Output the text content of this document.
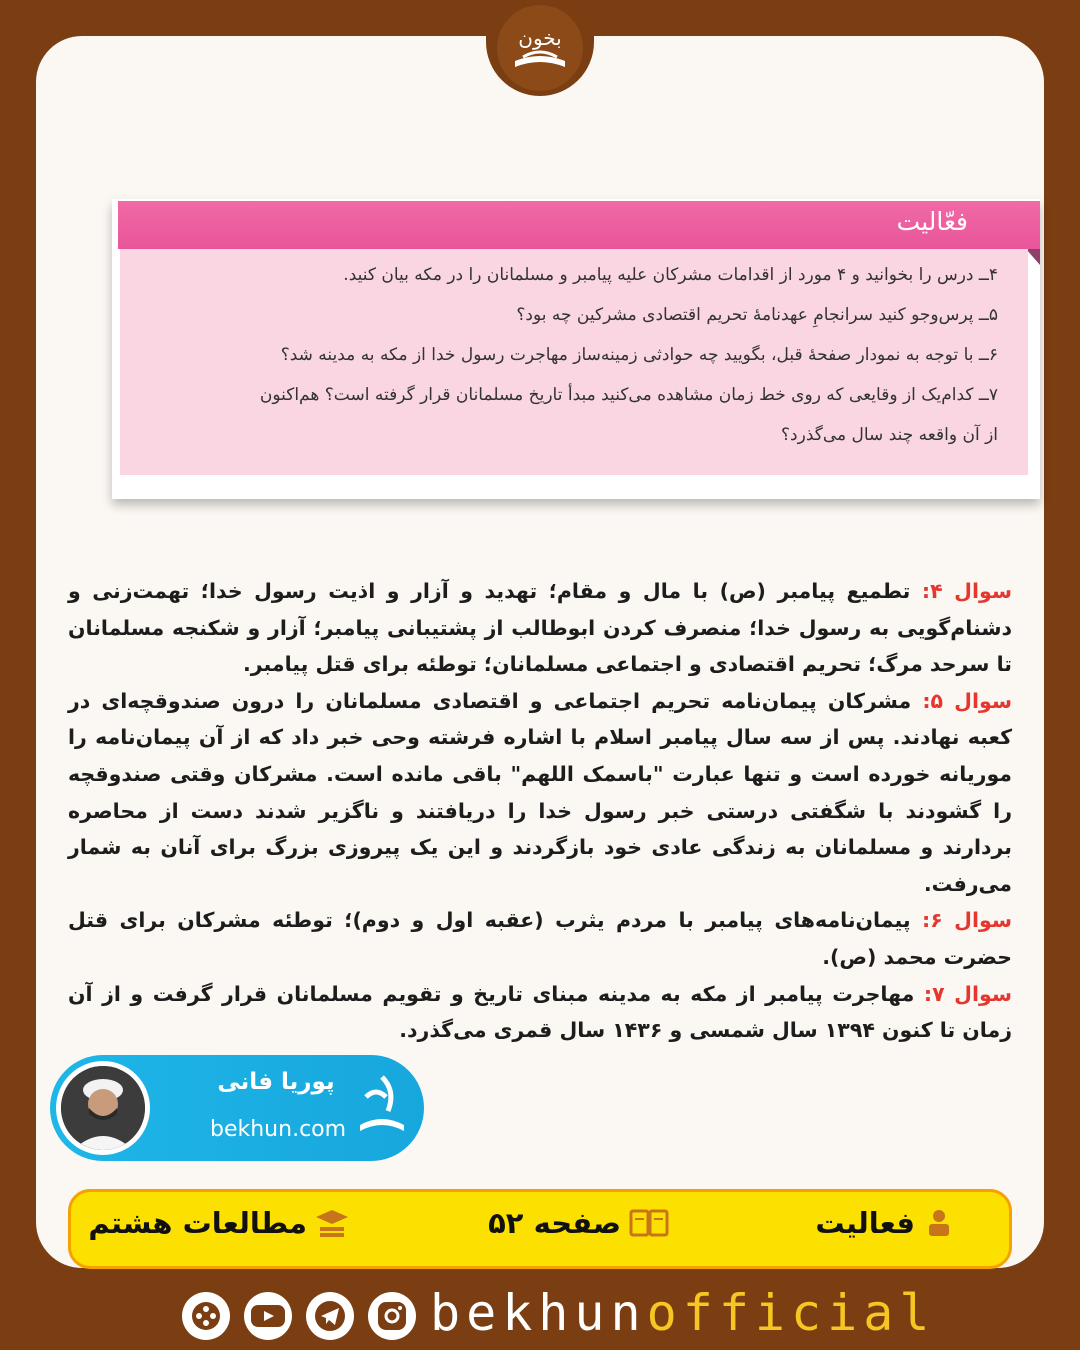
فعّالیت
۴ــ درس را بخوانید و ۴ مورد از اقدامات مشرکان علیه پیامبر و مسلمانان را در مکه بیان کنید.
۵ــ پرس‌وجو کنید سرانجامِ عهدنامهٔ تحریم اقتصادی مشرکین چه بود؟
۶ــ با توجه به نمودار صفحهٔ قبل، بگویید چه حوادثی زمینه‌ساز مهاجرت رسول خدا از مکه به مدینه شد؟
۷ــ کدام‌یک از وقایعی که روی خط زمان مشاهده می‌کنید مبدأ تاریخ مسلمانان قرار گرفته است؟ هم‌اکنون
از آن واقعه چند سال می‌گذرد؟
بخون

سوال ۴: تطمیع پیامبر (ص) با مال و مقام؛ تهدید و آزار و اذیت رسول خدا؛ تهمت‌زنی و دشنام‌گویی به رسول خدا؛ منصرف کردن ابوطالب از پشتیبانی پیامبر؛ آزار و شکنجه مسلمانان تا سرحد مرگ؛ تحریم اقتصادی و اجتماعی مسلمانان؛ توطئه برای قتل پیامبر.

سوال ۵: مشرکان پیمان‌نامه تحریم اجتماعی و اقتصادی مسلمانان را درون صندوقچه‌ای در کعبه نهادند. پس از سه سال پیامبر اسلام با اشاره فرشته وحی خبر داد که از آن پیمان‌نامه را موریانه خورده است و تنها عبارت "باسمک اللهم" باقی مانده است. مشرکان وقتی صندوقچه را گشودند با شگفتی درستی خبر رسول خدا را دریافتند و ناگزیر شدند دست از محاصره بردارند و مسلمانان به زندگی عادی خود بازگردند و این یک پیروزی بزرگ برای آنان به شمار می‌رفت.

سوال ۶: پیمان‌نامه‌های پیامبر با مردم یثرب (عقبه اول و دوم)؛ توطئه مشرکان برای قتل حضرت محمد (ص).

سوال ۷: مهاجرت پیامبر از مکه به مدینه مبنای تاریخ و تقویم مسلمانان قرار گرفت و از آن زمان تا کنون ۱۳۹۴ سال شمسی و ۱۴۳۶ سال قمری می‌گذرد.

پوریا فانی
bekhun.com
فعالیت
صفحه ۵۲
مطالعات هشتم
bekhunofficial
